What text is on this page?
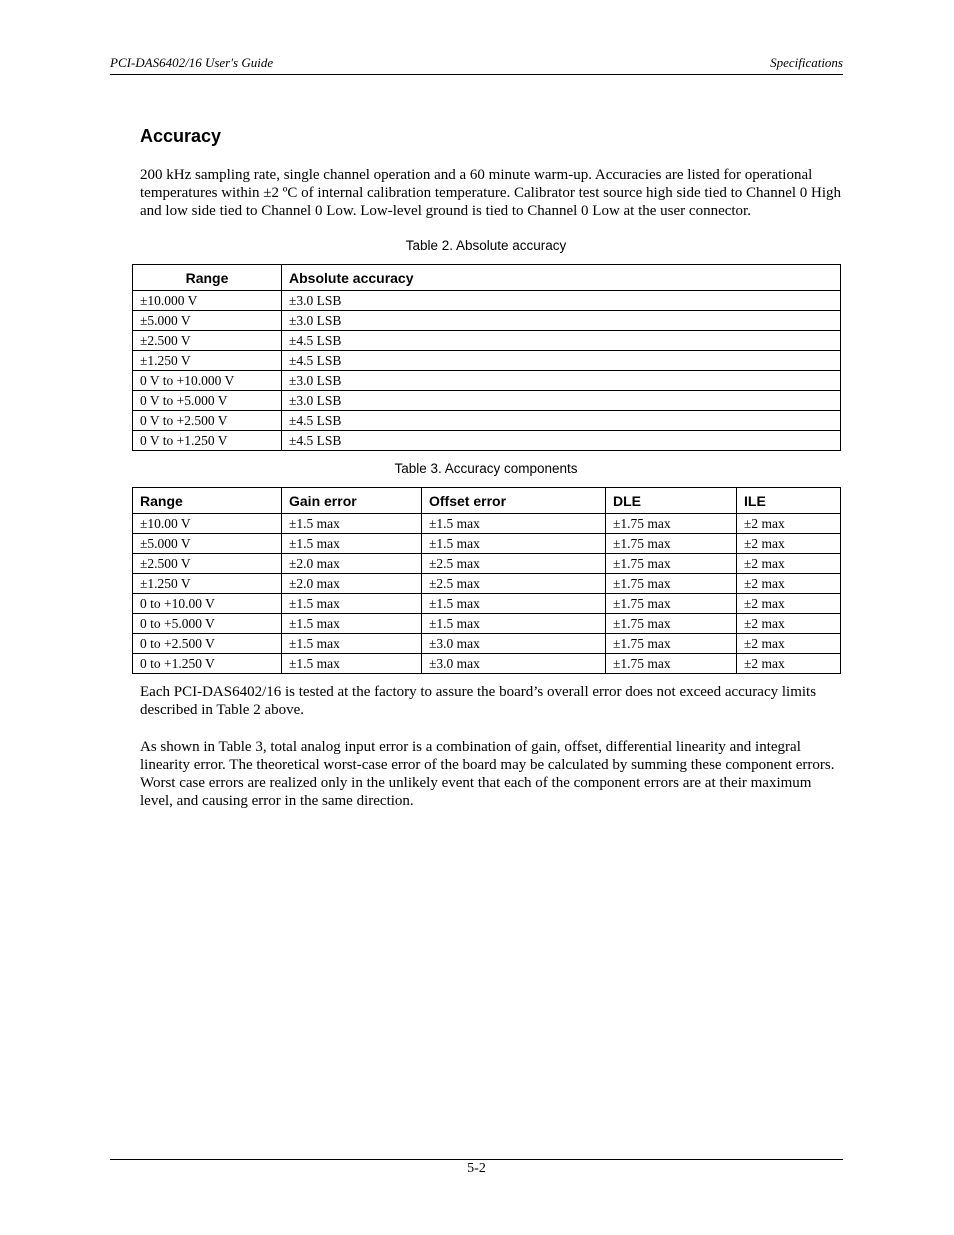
PCI-DAS6402/16 User's Guide	Specifications
Accuracy

200 kHz sampling rate, single channel operation and a 60 minute warm-up. Accuracies are listed for operational temperatures within ±2 ºC of internal calibration temperature. Calibrator test source high side tied to Channel 0 High and low side tied to Channel 0 Low. Low-level ground is tied to Channel 0 Low at the user connector.

Table 2. Absolute accuracy
Range	Absolute accuracy
±10.000 V	±3.0 LSB
±5.000 V	±3.0 LSB
±2.500 V	±4.5 LSB
±1.250 V	±4.5 LSB
0 V to +10.000 V	±3.0 LSB
0 V to +5.000 V	±3.0 LSB
0 V to +2.500 V	±4.5 LSB
0 V to +1.250 V	±4.5 LSB
Table 3. Accuracy components
Range	Gain error	Offset error	DLE	ILE
±10.00 V	±1.5 max	±1.5 max	±1.75 max	±2 max
±5.000 V	±1.5 max	±1.5 max	±1.75 max	±2 max
±2.500 V	±2.0 max	±2.5 max	±1.75 max	±2 max
±1.250 V	±2.0 max	±2.5 max	±1.75 max	±2 max
0 to +10.00 V	±1.5 max	±1.5 max	±1.75 max	±2 max
0 to +5.000 V	±1.5 max	±1.5 max	±1.75 max	±2 max
0 to +2.500 V	±1.5 max	±3.0 max	±1.75 max	±2 max
0 to +1.250 V	±1.5 max	±3.0 max	±1.75 max	±2 max

Each PCI-DAS6402/16 is tested at the factory to assure the board’s overall error does not exceed accuracy limits described in Table 2 above.

As shown in Table 3, total analog input error is a combination of gain, offset, differential linearity and integral linearity error. The theoretical worst-case error of the board may be calculated by summing these component errors. Worst case errors are realized only in the unlikely event that each of the component errors are at their maximum level, and causing error in the same direction.

5-2
